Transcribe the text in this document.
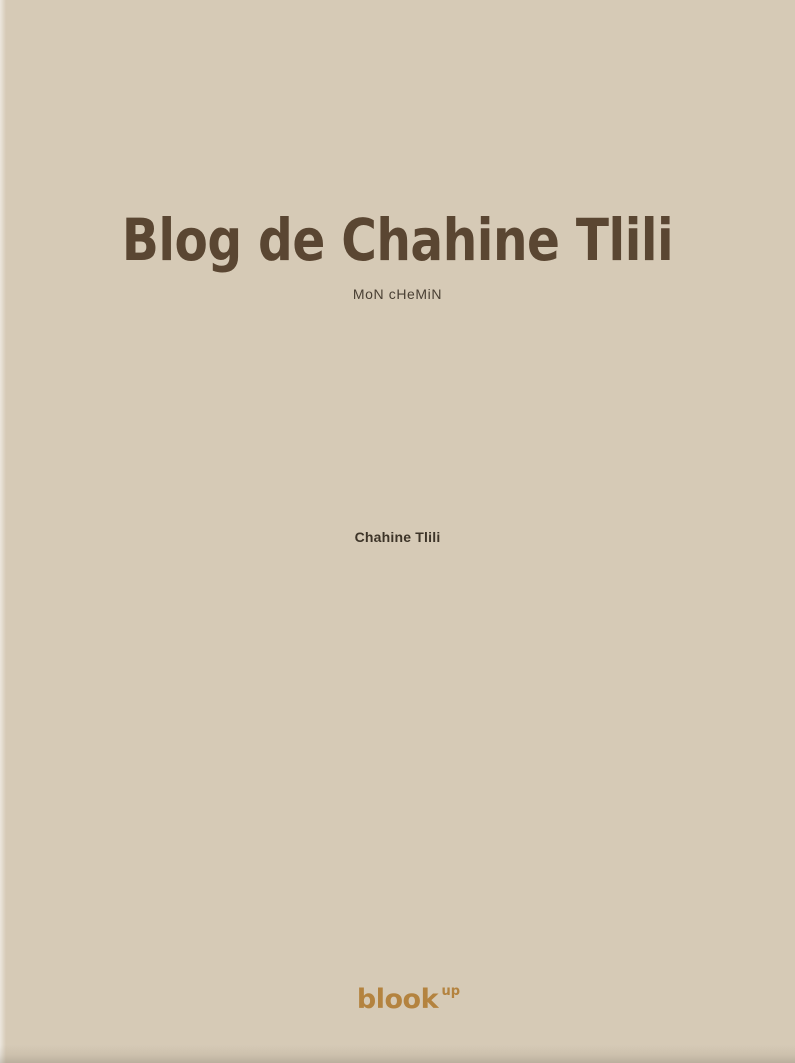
Blog de Chahine Tlili

MoN cHeMiN

Chahine Tlili

blook up
